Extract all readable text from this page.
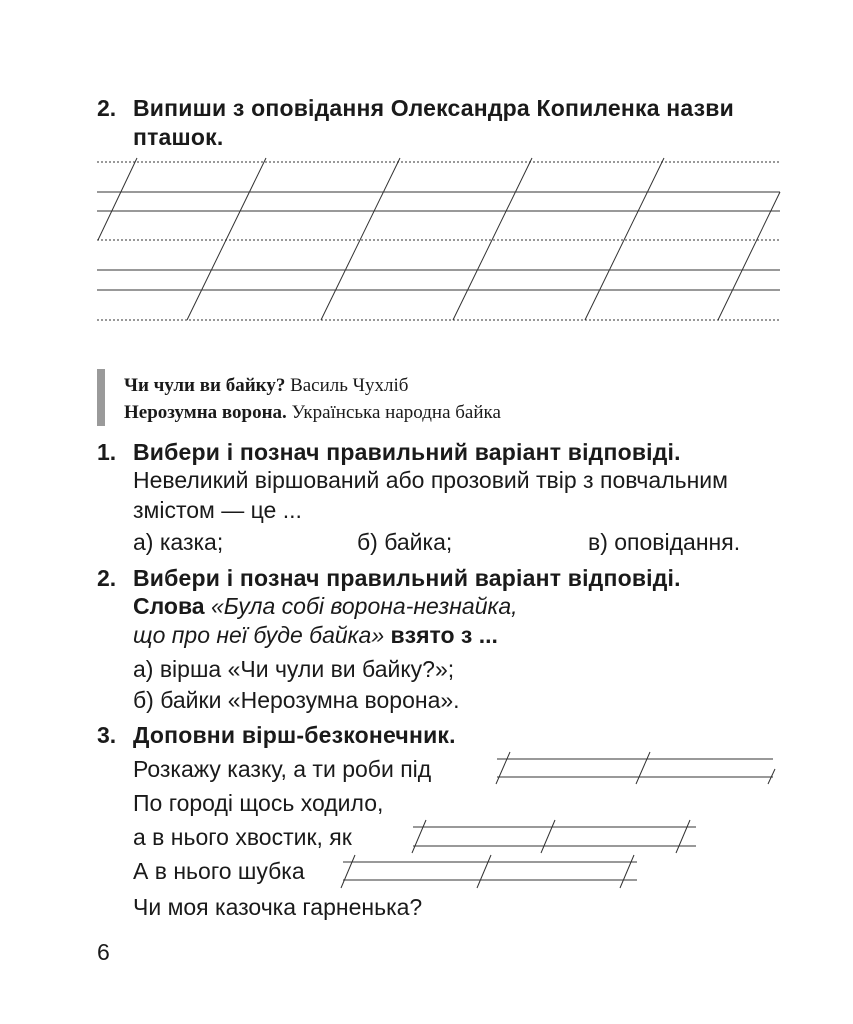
2. Випиши з оповідання Олександра Копиленка назви
пташок.
Чи чули ви байку? Василь Чухліб
Нерозумна ворона. Українська народна байка
1. Вибери і познач правильний варіант відповіді.
Невеликий віршований або прозовий твір з повчальним
змістом — це ...
а) казка;	б) байка;	в) оповідання.
2. Вибери і познач правильний варіант відповіді.
Слова «Була собі ворона-незнайка,
що про неї буде байка» взято з ...
а) вірша «Чи чули ви байку?»;
б) байки «Нерозумна ворона».
3. Доповни вірш-безконечник.
Розкажу казку, а ти роби під
По городі щось ходило,
а в нього хвостик, як
А в нього шубка
Чи моя казочка гарненька?
6
